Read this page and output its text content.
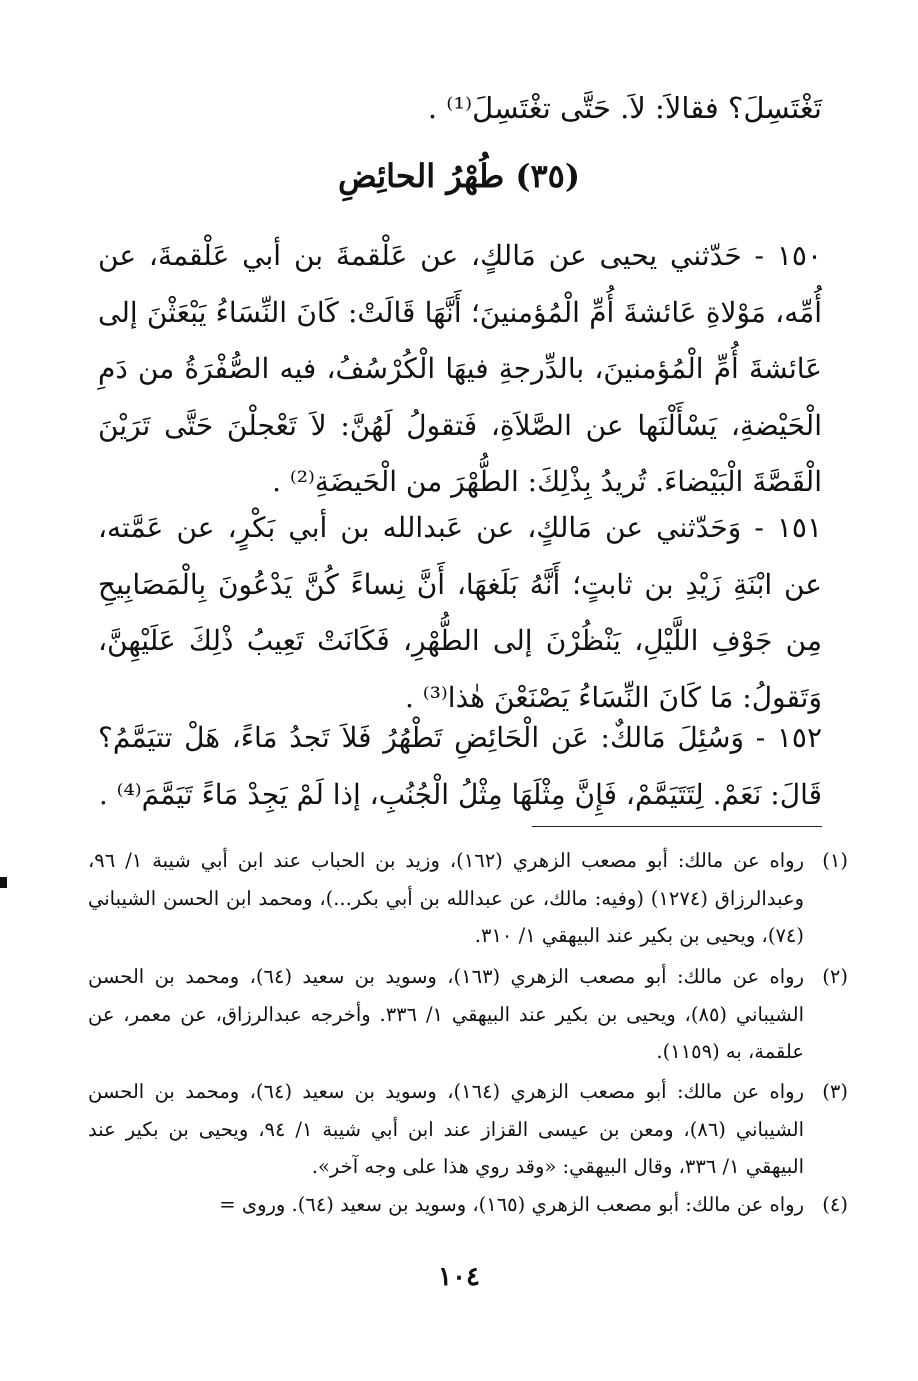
تَغْتَسِلَ؟ فقالاَ: لاَ. حَتَّى تغْتَسِلَ⁽¹⁾ .

(٣٥) طُهْرُ الحائِضِ

١٥٠ - حَدّثني يحيى عن مَالكٍ، عن عَلْقمةَ بن أبي عَلْقمةَ، عن أُمِّه، مَوْلاةِ عَائشةَ أُمِّ الْمُؤمنينَ؛ أَنَّهَا قَالَتْ: كَانَ النِّسَاءُ يَبْعَثْنَ إلى عَائشةَ أُمِّ الْمُؤمنينَ، بالدِّرجةِ فيهَا الْكُرْسُفُ، فيه الصُّفْرَةُ من دَمِ الْحَيْضةِ، يَسْأَلْنَها عن الصَّلاَةِ، فَتقولُ لَهُنَّ: لاَ تَعْجلْنَ حَتَّى تَرَيْنَ الْقَصَّةَ الْبَيْضاءَ. تُريدُ بِذْلِكَ: الطُّهْرَ من الْحَيضَةِ⁽²⁾ .

١٥١ - وَحَدّثني عن مَالكٍ، عن عَبدالله بن أبي بَكْرٍ، عن عَمَّته، عن ابْنَةِ زَيْدِ بن ثابتٍ؛ أَنَّهُ بَلَغهَا، أَنَّ نِساءً كُنَّ يَدْعُونَ بِالْمَصَابِيحِ مِن جَوْفِ اللَّيْلِ، يَنْظُرْنَ إلى الطُّهْرِ، فَكَانَتْ تَعِيبُ ذْلِكَ عَلَيْهِنَّ، وَتَقولُ: مَا كَانَ النِّسَاءُ يَصْنَعْنَ هٰذا⁽³⁾ .

١٥٢ - وَسُئِلَ مَالكٌ: عَن الْحَائِضِ تَطْهُرُ فَلاَ تَجدُ مَاءً، هَلْ تتيَمَّمُ؟ قَالَ: نَعَمْ. لِتَتَيَمَّمْ، فَإِنَّ مِثْلَهَا مِثْلُ الْجُنُبِ، إذا لَمْ يَجِدْ مَاءً تَيَمَّمَ⁽⁴⁾ .

(١)
رواه عن مالك: أبو مصعب الزهري (١٦٢)، وزيد بن الحباب عند ابن أبي شيبة ١/ ٩٦، وعبدالرزاق (١٢٧٤) (وفيه: مالك، عن عبدالله بن أبي بكر...)، ومحمد ابن الحسن الشيباني (٧٤)، ويحيى بن بكير عند البيهقي ١/ ٣١٠.
(٢)
رواه عن مالك: أبو مصعب الزهري (١٦٣)، وسويد بن سعيد (٦٤)، ومحمد بن الحسن الشيباني (٨٥)، ويحيى بن بكير عند البيهقي ١/ ٣٣٦. وأخرجه عبدالرزاق، عن معمر، عن علقمة، به (١١٥٩).
(٣)
رواه عن مالك: أبو مصعب الزهري (١٦٤)، وسويد بن سعيد (٦٤)، ومحمد بن الحسن الشيباني (٨٦)، ومعن بن عيسى القزاز عند ابن أبي شيبة ١/ ٩٤، ويحيى بن بكير عند البيهقي ١/ ٣٣٦، وقال البيهقي: «وقد روي هذا على وجه آخر».
(٤)
رواه عن مالك: أبو مصعب الزهري (١٦٥)، وسويد بن سعيد (٦٤). وروى =
١٠٤
